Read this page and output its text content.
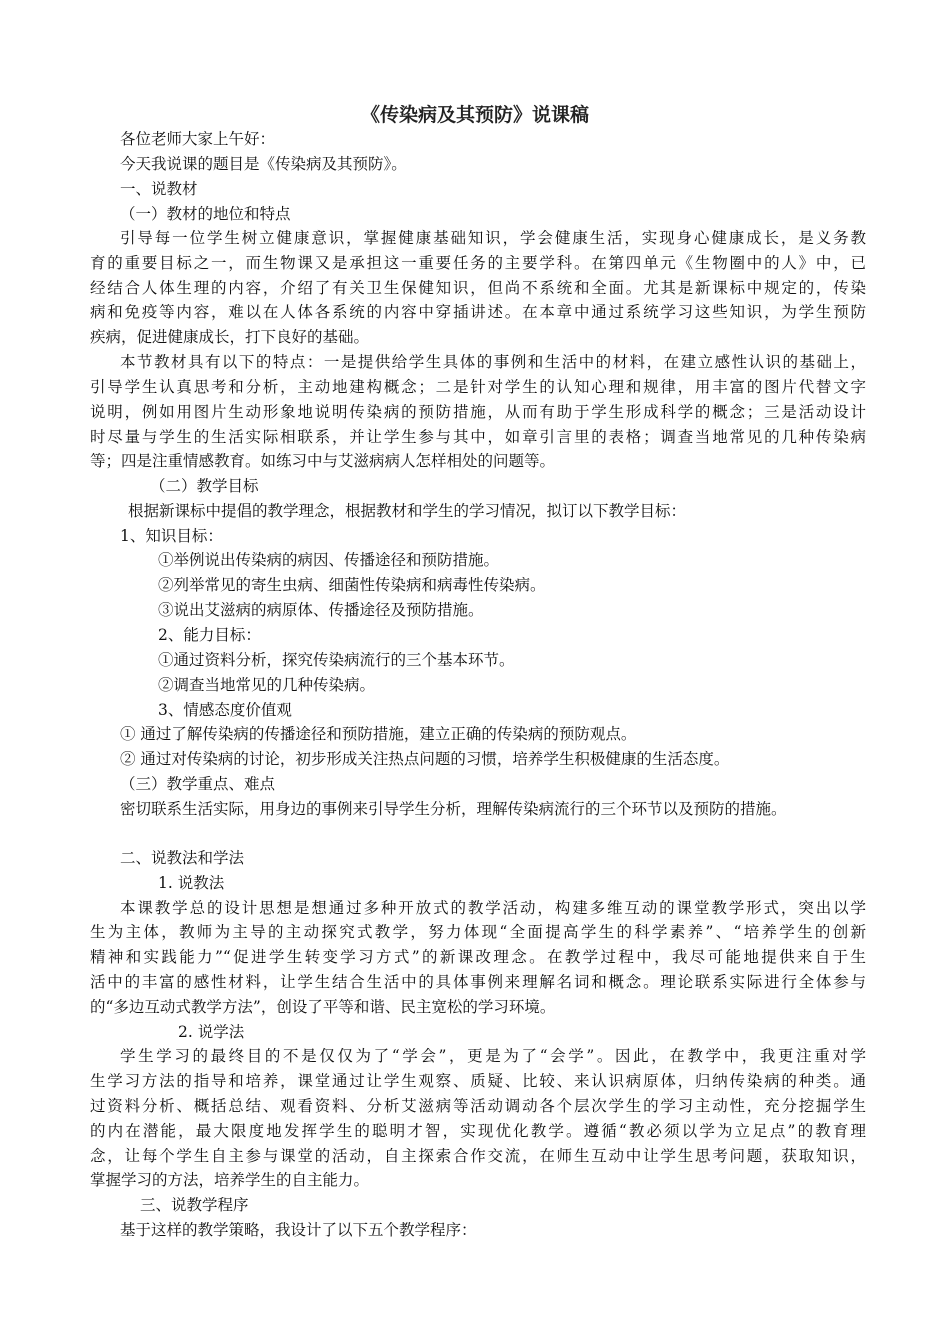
《传染病及其预防》说课稿
各位老师大家上午好：
今天我说课的题目是《传染病及其预防》。
一、说教材
（一）教材的地位和特点
引导每一位学生树立健康意识，掌握健康基础知识，学会健康生活，实现身心健康成长，是义务教
育的重要目标之一，而生物课又是承担这一重要任务的主要学科。在第四单元《生物圈中的人》中，已
经结合人体生理的内容，介绍了有关卫生保健知识，但尚不系统和全面。尤其是新课标中规定的，传染
病和免疫等内容，难以在人体各系统的内容中穿插讲述。在本章中通过系统学习这些知识，为学生预防
疾病，促进健康成长，打下良好的基础。
本节教材具有以下的特点：一是提供给学生具体的事例和生活中的材料，在建立感性认识的基础上，
引导学生认真思考和分析，主动地建构概念；二是针对学生的认知心理和规律，用丰富的图片代替文字
说明，例如用图片生动形象地说明传染病的预防措施，从而有助于学生形成科学的概念；三是活动设计
时尽量与学生的生活实际相联系，并让学生参与其中，如章引言里的表格；调查当地常见的几种传染病
等；四是注重情感教育。如练习中与艾滋病病人怎样相处的问题等。
（二）教学目标
根据新课标中提倡的教学理念，根据教材和学生的学习情况，拟订以下教学目标：
1、知识目标：
①举例说出传染病的病因、传播途径和预防措施。
②列举常见的寄生虫病、细菌性传染病和病毒性传染病。
③说出艾滋病的病原体、传播途径及预防措施。
2、能力目标：
①通过资料分析，探究传染病流行的三个基本环节。
②调查当地常见的几种传染病。
3、情感态度价值观
① 通过了解传染病的传播途径和预防措施，建立正确的传染病的预防观点。
② 通过对传染病的讨论，初步形成关注热点问题的习惯，培养学生积极健康的生活态度。
（三）教学重点、难点
密切联系生活实际，用身边的事例来引导学生分析，理解传染病流行的三个环节以及预防的措施。
二、说教法和学法
1. 说教法
本课教学总的设计思想是想通过多种开放式的教学活动，构建多维互动的课堂教学形式，突出以学
生为主体，教师为主导的主动探究式教学，努力体现“全面提高学生的科学素养”、“培养学生的创新
精神和实践能力”“促进学生转变学习方式”的新课改理念。在教学过程中，我尽可能地提供来自于生
活中的丰富的感性材料，让学生结合生活中的具体事例来理解名词和概念。理论联系实际进行全体参与
的“多边互动式教学方法”，创设了平等和谐、民主宽松的学习环境。
2. 说学法
学生学习的最终目的不是仅仅为了“学会”，更是为了“会学”。因此，在教学中，我更注重对学
生学习方法的指导和培养，课堂通过让学生观察、质疑、比较、来认识病原体，归纳传染病的种类。通
过资料分析、概括总结、观看资料、分析艾滋病等活动调动各个层次学生的学习主动性，充分挖掘学生
的内在潜能，最大限度地发挥学生的聪明才智，实现优化教学。遵循“教必须以学为立足点”的教育理
念，让每个学生自主参与课堂的活动，自主探索合作交流，在师生互动中让学生思考问题，获取知识，
掌握学习的方法，培养学生的自主能力。
三、说教学程序
基于这样的教学策略，我设计了以下五个教学程序：
